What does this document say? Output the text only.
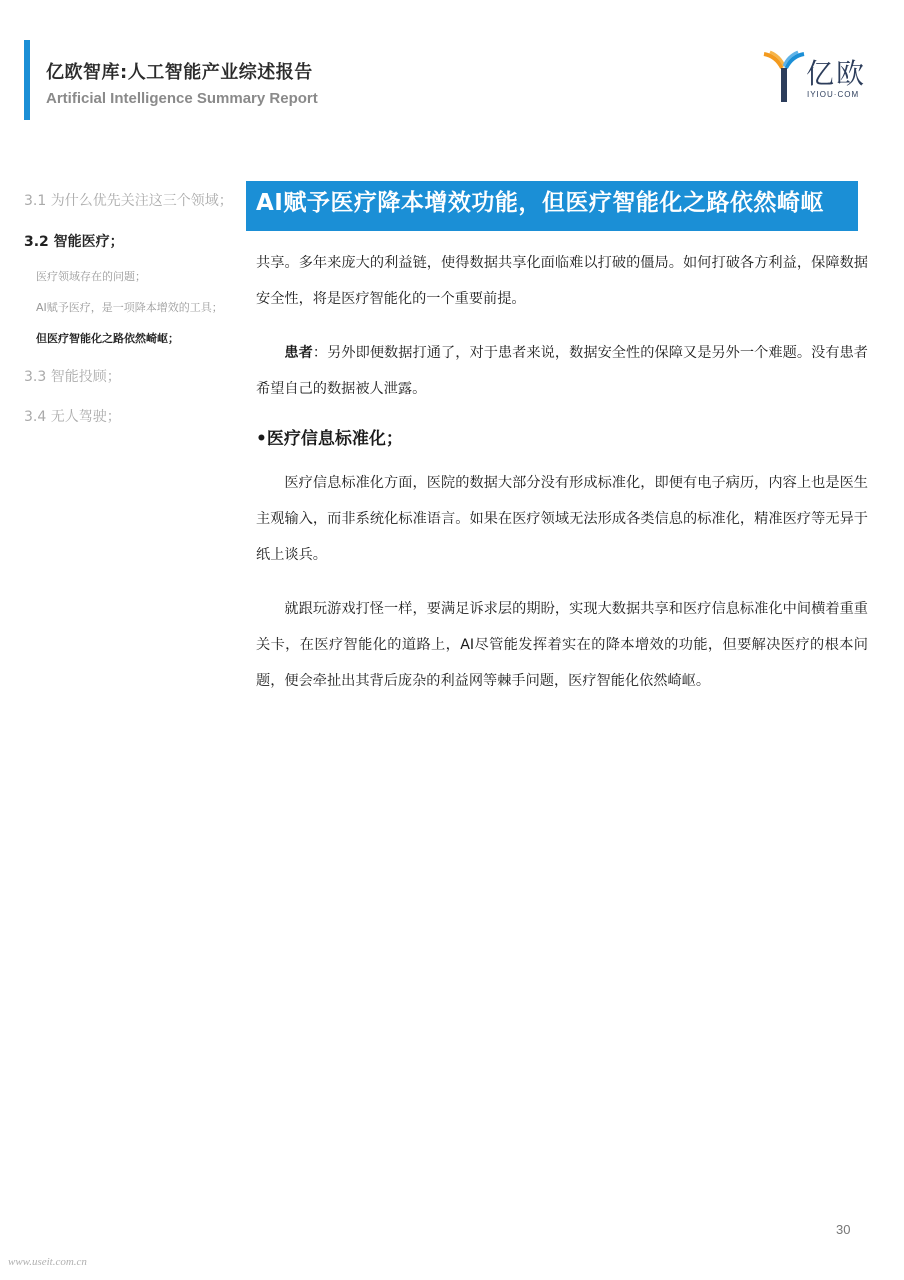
亿欧智库:人工智能产业综述报告
Artificial Intelligence Summary Report
亿欧
IYIOU·COM
3.1 为什么优先关注这三个领域；
3.2 智能医疗；
医疗领域存在的问题；
AI赋予医疗，是一项降本增效的工具；
但医疗智能化之路依然崎岖；
3.3 智能投顾；
3.4 无人驾驶；
AI赋予医疗降本增效功能，但医疗智能化之路依然崎岖

共享。多年来庞大的利益链，使得数据共享化面临难以打破的僵局。如何打破各方利益，保障数据安全性，将是医疗智能化的一个重要前提。

患者：另外即便数据打通了，对于患者来说，数据安全性的保障又是另外一个难题。没有患者希望自己的数据被人泄露。

•医疗信息标准化；

医疗信息标准化方面，医院的数据大部分没有形成标准化，即便有电子病历，内容上也是医生主观输入，而非系统化标准语言。如果在医疗领域无法形成各类信息的标准化，精准医疗等无异于纸上谈兵。

就跟玩游戏打怪一样，要满足诉求层的期盼，实现大数据共享和医疗信息标准化中间横着重重关卡，在医疗智能化的道路上，AI尽管能发挥着实在的降本增效的功能，但要解决医疗的根本问题，便会牵扯出其背后庞杂的利益网等棘手问题，医疗智能化依然崎岖。

30
www.useit.com.cn
